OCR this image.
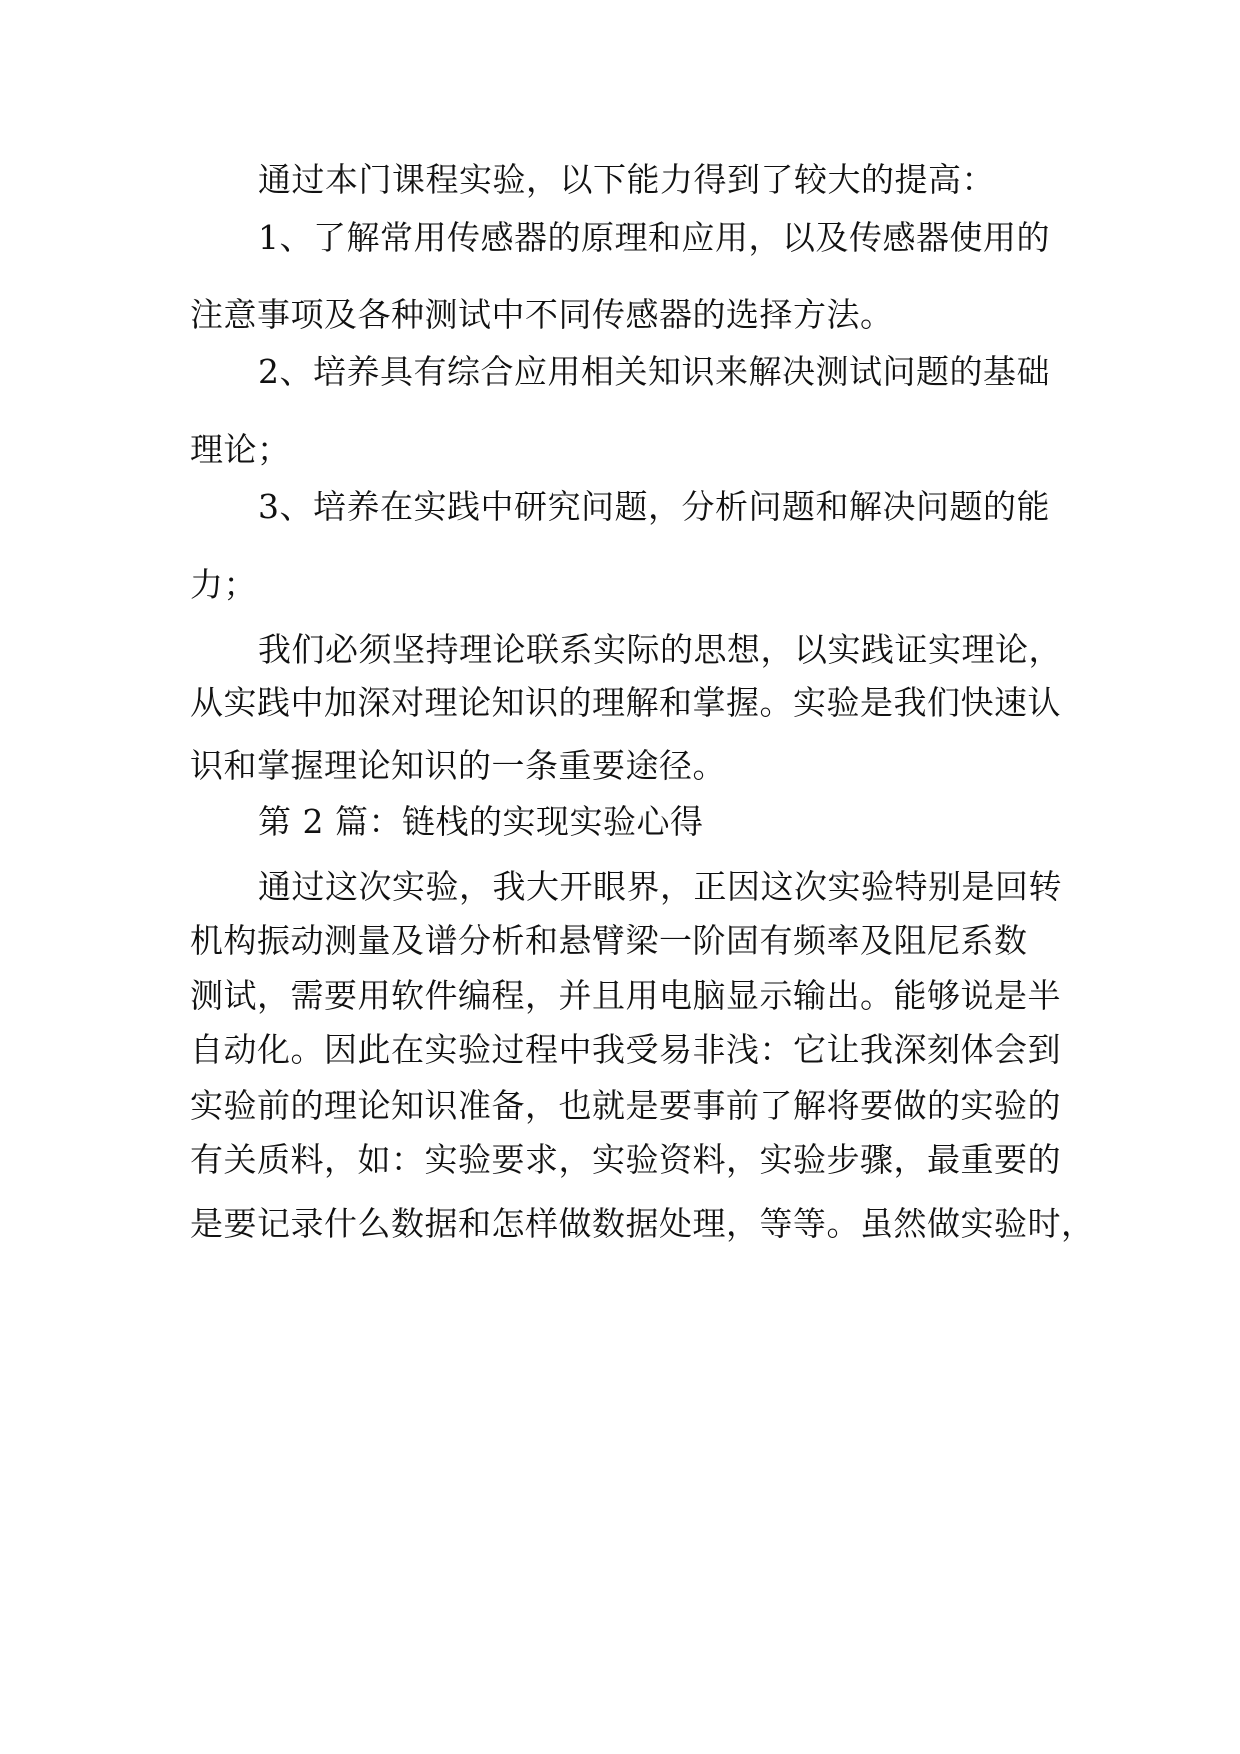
通过本门课程实验，以下能力得到了较大的提高：
1、了解常用传感器的原理和应用，以及传感器使用的
注意事项及各种测试中不同传感器的选择方法。
2、培养具有综合应用相关知识来解决测试问题的基础
理论；
3、培养在实践中研究问题，分析问题和解决问题的能
力；
我们必须坚持理论联系实际的思想，以实践证实理论，
从实践中加深对理论知识的理解和掌握。实验是我们快速认
识和掌握理论知识的一条重要途径。
第 2 篇：链栈的实现实验心得
通过这次实验，我大开眼界，正因这次实验特别是回转
机构振动测量及谱分析和悬臂梁一阶固有频率及阻尼系数
测试，需要用软件编程，并且用电脑显示输出。能够说是半
自动化。因此在实验过程中我受易非浅：它让我深刻体会到
实验前的理论知识准备，也就是要事前了解将要做的实验的
有关质料，如：实验要求，实验资料，实验步骤，最重要的
是要记录什么数据和怎样做数据处理，等等。虽然做实验时，
